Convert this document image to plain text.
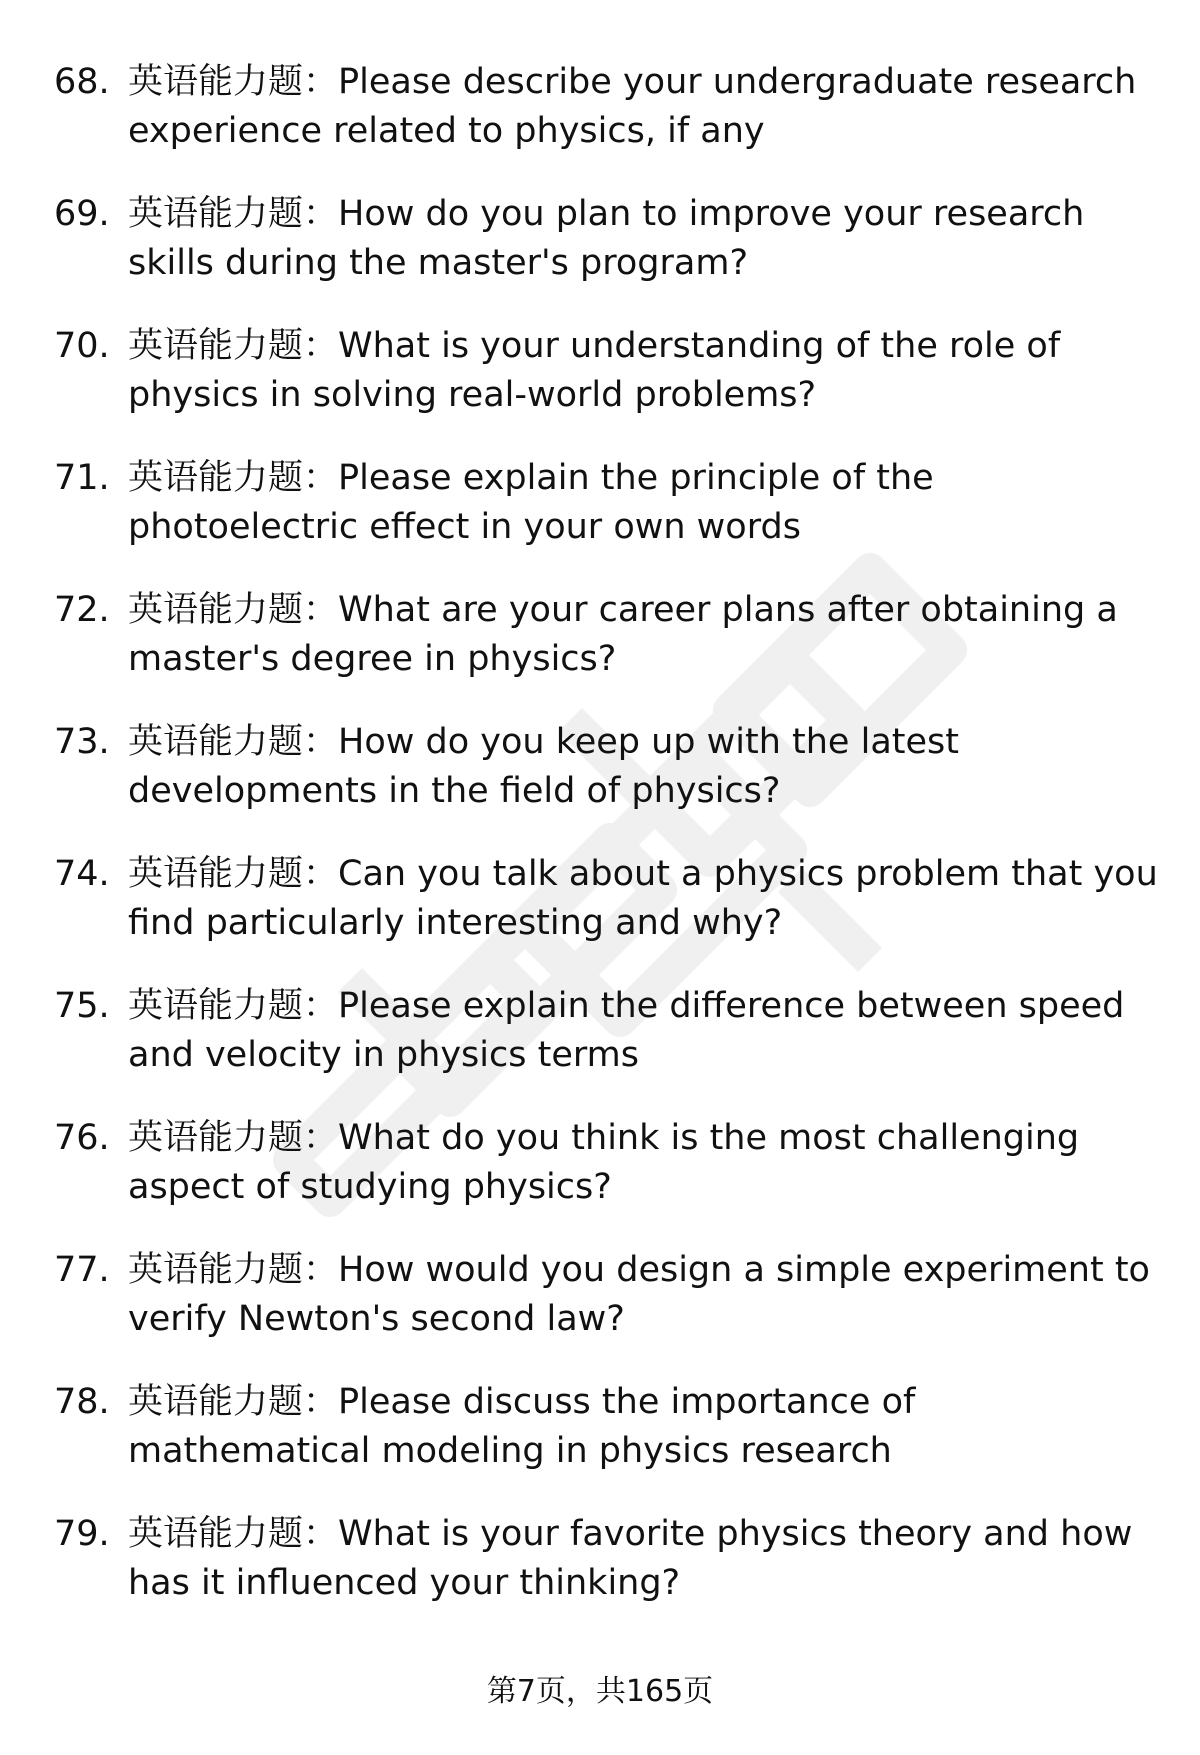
68. 英语能力题：Please describe your undergraduate research experience related to physics, if any
69. 英语能力题：How do you plan to improve your research skills during the master's program?
70. 英语能力题：What is your understanding of the role of physics in solving real-world problems?
71. 英语能力题：Please explain the principle of the photoelectric effect in your own words
72. 英语能力题：What are your career plans after obtaining a master's degree in physics?
73. 英语能力题：How do you keep up with the latest developments in the field of physics?
74. 英语能力题：Can you talk about a physics problem that you find particularly interesting and why?
75. 英语能力题：Please explain the difference between speed and velocity in physics terms
76. 英语能力题：What do you think is the most challenging aspect of studying physics?
77. 英语能力题：How would you design a simple experiment to verify Newton's second law?
78. 英语能力题：Please discuss the importance of mathematical modeling in physics research
79. 英语能力题：What is your favorite physics theory and how has it influenced your thinking?
第7页，共165页
